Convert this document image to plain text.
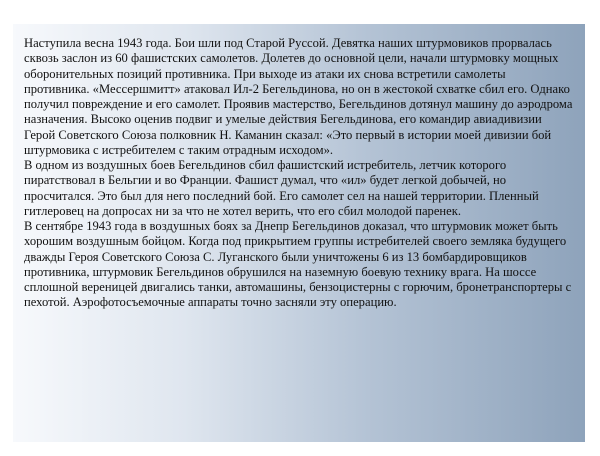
Наступила весна 1943 года. Бои шли под Старой Руссой. Девятка наших штурмовиков прорвалась сквозь заслон из 60 фашистских самолетов. Долетев до основной цели, начали штурмовку мощных оборонительных позиций противника. При выходе из атаки их снова встретили самолеты противника. «Мессершмитт» атаковал Ил-2 Бегельдинова, но он в жестокой схватке сбил его. Однако получил повреждение и его самолет. Проявив мастерство, Бегельдинов дотянул машину до аэродрома назначения. Высоко оценив подвиг и умелые действия Бегельдинова, его командир авиадивизии Герой Советского Союза полковник Н. Каманин сказал: «Это первый в истории моей дивизии бой штурмовика с истребителем с таким отрадным исходом».

В одном из воздушных боев Бегельдинов сбил фашистский истребитель, летчик которого пиратствовал в Бельгии и во Франции. Фашист думал, что «ил» будет легкой добычей, но просчитался. Это был для него последний бой. Его самолет сел на нашей территории. Пленный гитлеровец на допросах ни за что не хотел верить, что его сбил молодой паренек.

В сентябре 1943 года в воздушных боях за Днепр Бегельдинов доказал, что штурмовик может быть хорошим воздушным бойцом. Когда под прикрытием группы истребителей своего земляка будущего дважды Героя Советского Союза С. Луганского были уничтожены 6 из 13 бомбардировщиков противника, штурмовик Бегельдинов обрушился на наземную боевую технику врага. На шоссе сплошной вереницей двигались танки, автомашины, бензоцистерны с горючим, бронетранспортеры с пехотой. Аэрофотосъемочные аппараты точно засняли эту операцию.
